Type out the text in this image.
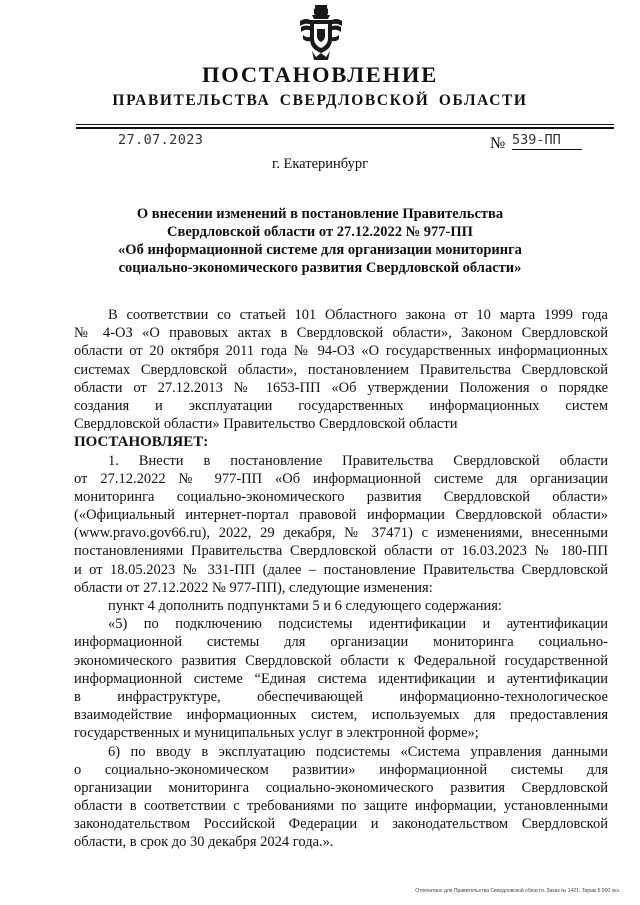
ПОСТАНОВЛЕНИЕ
ПРАВИТЕЛЬСТВА СВЕРДЛОВСКОЙ ОБЛАСТИ
27.07.2023	№ 539-ПП
г. Екатеринбург
О внесении изменений в постановление Правительства
Свердловской области от 27.12.2022 № 977-ПП
«Об информационной системе для организации мониторинга
социально-экономического развития Свердловской области»
В соответствии со статьей 101 Областного закона от 10 марта 1999 года
№ 4-ОЗ «О правовых актах в Свердловской области», Законом Свердловской
области от 20 октября 2011 года № 94-ОЗ «О государственных информационных
системах Свердловской области», постановлением Правительства Свердловской
области от 27.12.2013 № 1653-ПП «Об утверждении Положения о порядке
создания и эксплуатации государственных информационных систем
Свердловской области» Правительство Свердловской области
ПОСТАНОВЛЯЕТ:
1. Внести в постановление Правительства Свердловской области
от 27.12.2022 № 977-ПП «Об информационной системе для организации
мониторинга социально-экономического развития Свердловской области»
(«Официальный интернет-портал правовой информации Свердловской области»
(www.pravo.gov66.ru), 2022, 29 декабря, № 37471) с изменениями, внесенными
постановлениями Правительства Свердловской области от 16.03.2023 № 180-ПП
и от 18.05.2023 № 331-ПП (далее – постановление Правительства Свердловской
области от 27.12.2022 № 977-ПП), следующие изменения:
пункт 4 дополнить подпунктами 5 и 6 следующего содержания:
«5) по подключению подсистемы идентификации и аутентификации
информационной системы для организации мониторинга социально-
экономического развития Свердловской области к Федеральной государственной
информационной системе “Единая система идентификации и аутентификации
в инфраструктуре, обеспечивающей информационно-технологическое
взаимодействие информационных систем, используемых для предоставления
государственных и муниципальных услуг в электронной форме»;
6) по вводу в эксплуатацию подсистемы «Система управления данными
о социально-экономическом развитии» информационной системы для
организации мониторинга социально-экономического развития Свердловской
области в соответствии с требованиями по защите информации, установленными
законодательством Российской Федерации и законодательством Свердловской
области, в срок до 30 декабря 2024 года.».
Отпечатано для Правительства Свердловской области. Заказ № 1421. Тираж 5 000 экз.
